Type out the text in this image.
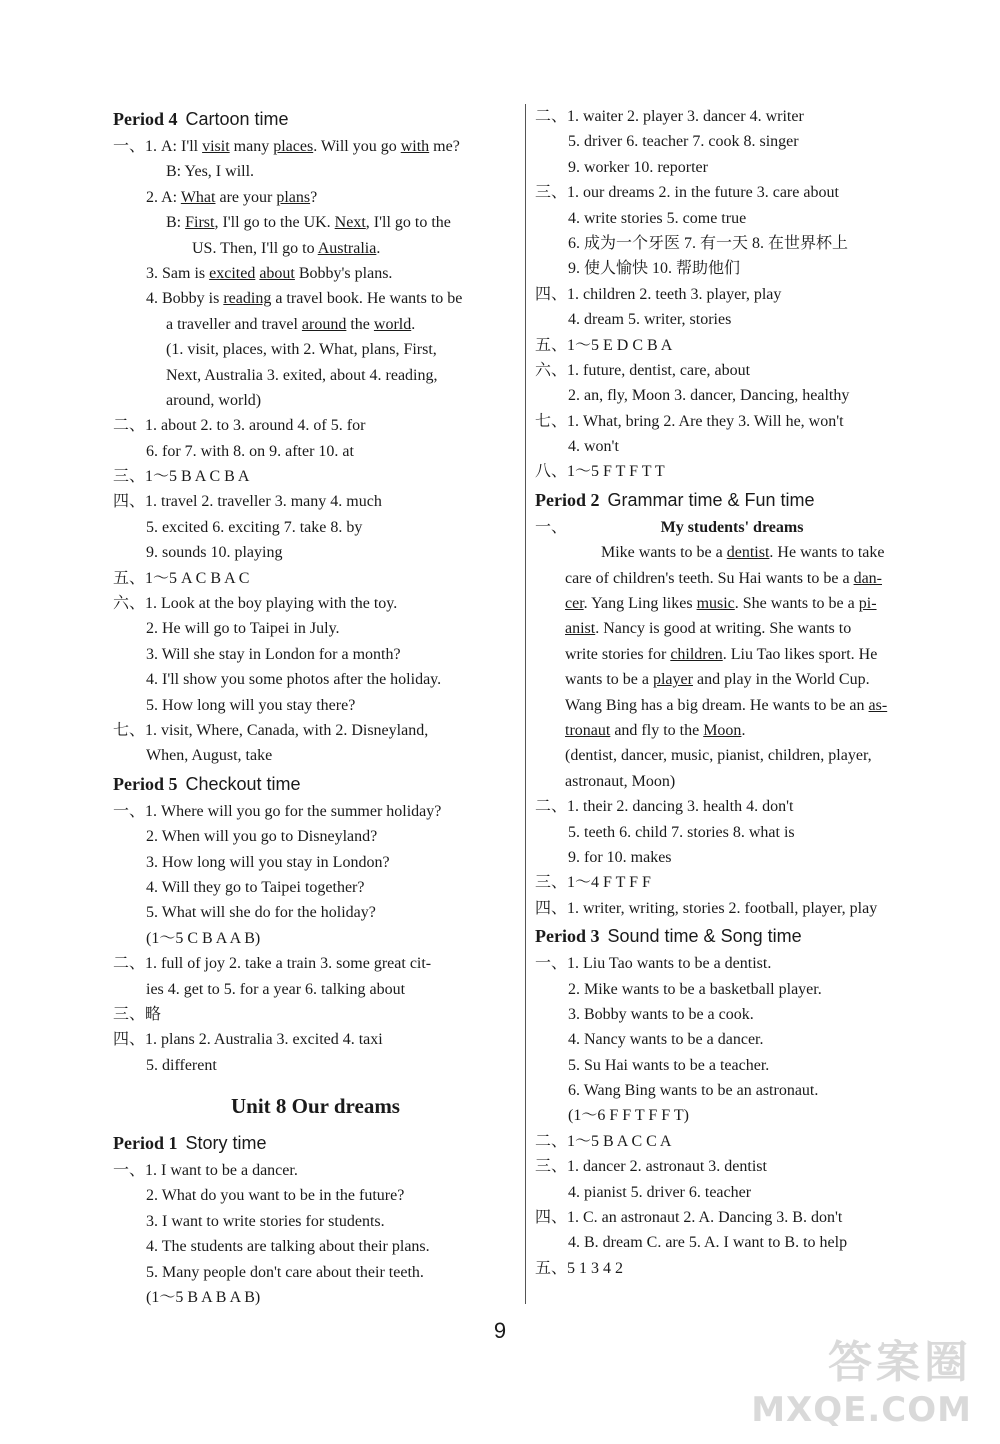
Period 4 Cartoon time
一、1. A: I'll visit many places. Will you go with me?
B: Yes, I will.
2. A: What are your plans?
B: First, I'll go to the UK. Next, I'll go to the
US. Then, I'll go to Australia.
3. Sam is excited about Bobby's plans.
4. Bobby is reading a travel book. He wants to be
a traveller and travel around the world.
(1. visit, places, with 2. What, plans, First,
Next, Australia 3. exited, about 4. reading,
around, world)
二、1. about 2. to 3. around 4. of 5. for
6. for 7. with 8. on 9. after 10. at
三、1～5 B A C B A
四、1. travel 2. traveller 3. many 4. much
5. excited 6. exciting 7. take 8. by
9. sounds 10. playing
五、1～5 A C B A C
六、1. Look at the boy playing with the toy.
2. He will go to Taipei in July.
3. Will she stay in London for a month?
4. I'll show you some photos after the holiday.
5. How long will you stay there?
七、1. visit, Where, Canada, with 2. Disneyland,
When, August, take
Period 5 Checkout time
一、1. Where will you go for the summer holiday?
2. When will you go to Disneyland?
3. How long will you stay in London?
4. Will they go to Taipei together?
5. What will she do for the holiday?
(1～5 C B A A B)
二、1. full of joy 2. take a train 3. some great cit-
ies 4. get to 5. for a year 6. talking about
三、略
四、1. plans 2. Australia 3. excited 4. taxi
5. different
Unit 8 Our dreams
Period 1 Story time
一、1. I want to be a dancer.
2. What do you want to be in the future?
3. I want to write stories for students.
4. The students are talking about their plans.
5. Many people don't care about their teeth.
(1～5 B A B A B)
二、1. waiter 2. player 3. dancer 4. writer
5. driver 6. teacher 7. cook 8. singer
9. worker 10. reporter
三、1. our dreams 2. in the future 3. care about
4. write stories 5. come true
6. 成为一个牙医 7. 有一天 8. 在世界杯上
9. 使人愉快 10. 帮助他们
四、1. children 2. teeth 3. player, play
4. dream 5. writer, stories
五、1～5 E D C B A
六、1. future, dentist, care, about
2. an, fly, Moon 3. dancer, Dancing, healthy
七、1. What, bring 2. Are they 3. Will he, won't
4. won't
八、1～5 F T F T T
Period 2 Grammar time & Fun time
一、	My students' dreams
Mike wants to be a dentist. He wants to take
care of children's teeth. Su Hai wants to be a dan-
cer. Yang Ling likes music. She wants to be a pi-
anist. Nancy is good at writing. She wants to
write stories for children. Liu Tao likes sport. He
wants to be a player and play in the World Cup.
Wang Bing has a big dream. He wants to be an as-
tronaut and fly to the Moon.
(dentist, dancer, music, pianist, children, player,
astronaut, Moon)
二、1. their 2. dancing 3. health 4. don't
5. teeth 6. child 7. stories 8. what is
9. for 10. makes
三、1～4 F T F F
四、1. writer, writing, stories 2. football, player, play
Period 3 Sound time & Song time
一、1. Liu Tao wants to be a dentist.
2. Mike wants to be a basketball player.
3. Bobby wants to be a cook.
4. Nancy wants to be a dancer.
5. Su Hai wants to be a teacher.
6. Wang Bing wants to be an astronaut.
(1～6 F F T F F T)
二、1～5 B A C C A
三、1. dancer 2. astronaut 3. dentist
4. pianist 5. driver 6. teacher
四、1. C. an astronaut 2. A. Dancing 3. B. don't
4. B. dream C. are 5. A. I want to B. to help
五、5 1 3 4 2
9
答案圈
MXQE.COM
